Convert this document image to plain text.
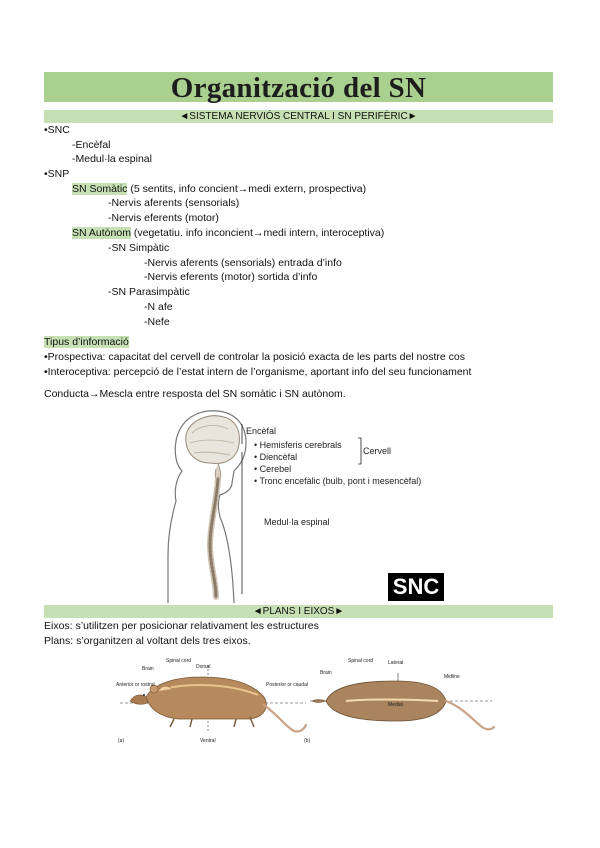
Organització del SN
◄SISTEMA NERVIÓS CENTRAL I SN PERIFÈRIC►
•SNC
-Encèfal
-Medul·la espinal
•SNP
SN Somàtic (5 sentits, info concient→medi extern, prospectiva)
-Nervis aferents (sensorials)
-Nervis eferents (motor)
SN Autònom (vegetatiu. info inconcient→medi intern, interoceptiva)
-SN Simpàtic
-Nervis aferents (sensorials) entrada d’info
-Nervis eferents (motor) sortida d’info
-SN Parasimpàtic
-N afe
-Nefe
Tipus d’informació
•Prospectiva: capacitat del cervell de controlar la posició exacta de les parts del nostre cos
•Interoceptiva: percepció de l’estat intern de l’organisme, aportant info del seu funcionament
Conducta→Mescla entre resposta del SN somàtic i SN autònom.
Encèfal
• Hemisferis cerebrals
• Diencèfal
• Cerebel
• Tronc encefàlic (bulb, pont i mesencèfal)
Cervell
Medul·la espinal
SNC
◄PLANS I EIXOS►
Eixos: s’utilitzen per posicionar relativament les estructures
Plans: s’organitzen al voltant dels tres eixos.
Brain
Spinal cord
Dorsal
Anterior or rostral	Posterior or caudal
Ventral
(a)
Brain
Spinal cord	Lateral
Midline
Medial
(b)
